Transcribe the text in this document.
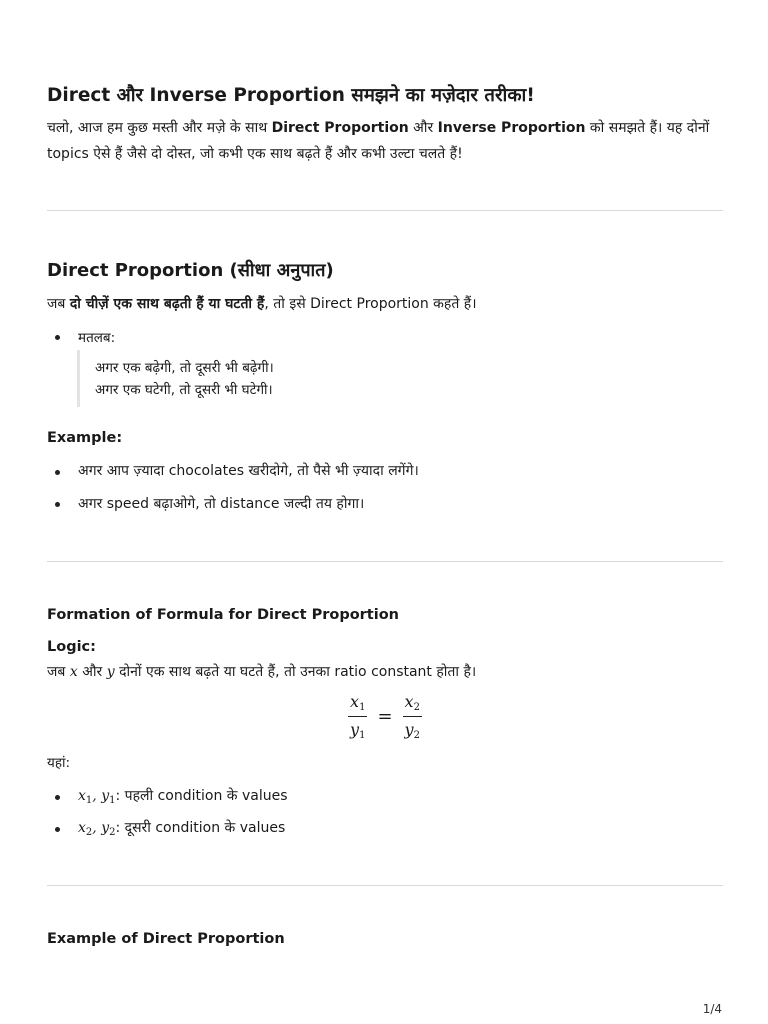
Direct और Inverse Proportion समझने का मज़ेदार तरीका!

चलो, आज हम कुछ मस्ती और मज़े के साथ Direct Proportion और Inverse Proportion को समझते हैं। यह दोनों

topics ऐसे हैं जैसे दो दोस्त, जो कभी एक साथ बढ़ते हैं और कभी उल्टा चलते हैं!

Direct Proportion (सीधा अनुपात)

जब दो चीज़ें एक साथ बढ़ती हैं या घटती हैं, तो इसे Direct Proportion कहते हैं।

मतलब:

अगर एक बढ़ेगी, तो दूसरी भी बढ़ेगी।

अगर एक घटेगी, तो दूसरी भी घटेगी।

Example:

अगर आप ज़्यादा chocolates खरीदोगे, तो पैसे भी ज़्यादा लगेंगे।

अगर speed बढ़ाओगे, तो distance जल्दी तय होगा।

Formation of Formula for Direct Proportion
Logic:

जब x और y दोनों एक साथ बढ़ते या घटते हैं, तो उनका ratio constant होता है।

$\frac{x_1}{y_1} = \frac{x_2}{y_2}$

यहां:

$x_1$, $y_1$: पहली condition के values

$x_2$, $y_2$: दूसरी condition के values

Example of Direct Proportion
1/4
